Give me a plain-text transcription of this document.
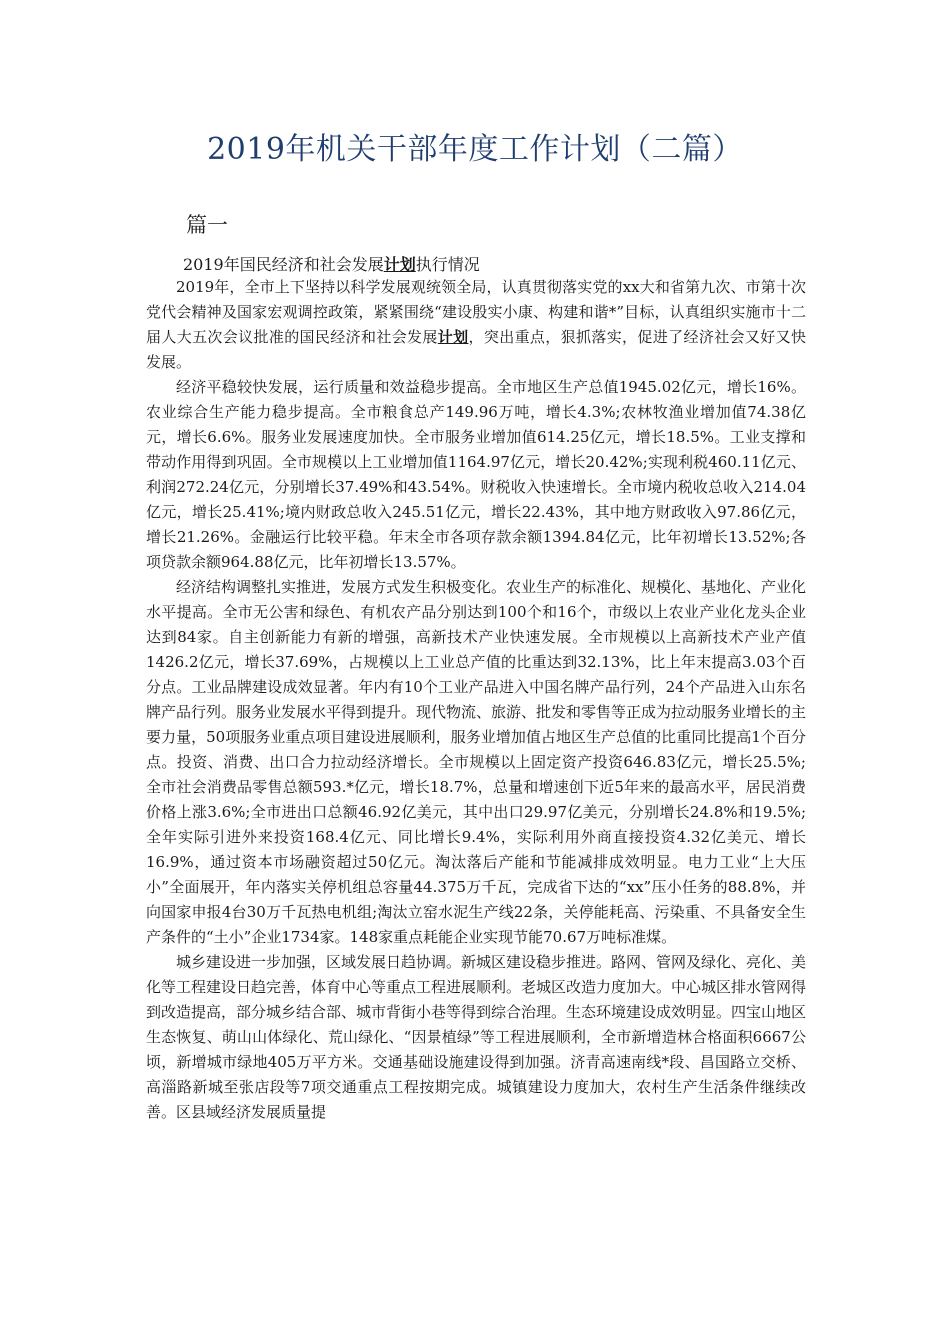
2019年机关干部年度工作计划（二篇）
篇一
2019年国民经济和社会发展计划执行情况

2019年，全市上下坚持以科学发展观统领全局，认真贯彻落实党的xx大和省第九次、市第十次党代会精神及国家宏观调控政策，紧紧围绕“建设殷实小康、构建和谐*”目标，认真组织实施市十二届人大五次会议批准的国民经济和社会发展计划，突出重点，狠抓落实，促进了经济社会又好又快发展。

经济平稳较快发展，运行质量和效益稳步提高。全市地区生产总值1945.02亿元，增长16%。农业综合生产能力稳步提高。全市粮食总产149.96万吨，增长4.3%;农林牧渔业增加值74.38亿元，增长6.6%。服务业发展速度加快。全市服务业增加值614.25亿元，增长18.5%。工业支撑和带动作用得到巩固。全市规模以上工业增加值1164.97亿元，增长20.42%;实现利税460.11亿元、利润272.24亿元，分别增长37.49%和43.54%。财税收入快速增长。全市境内税收总收入214.04亿元，增长25.41%;境内财政总收入245.51亿元，增长22.43%，其中地方财政收入97.86亿元，增长21.26%。金融运行比较平稳。年末全市各项存款余额1394.84亿元，比年初增长13.52%;各项贷款余额964.88亿元，比年初增长13.57%。

经济结构调整扎实推进，发展方式发生积极变化。农业生产的标准化、规模化、基地化、产业化水平提高。全市无公害和绿色、有机农产品分别达到100个和16个，市级以上农业产业化龙头企业达到84家。自主创新能力有新的增强，高新技术产业快速发展。全市规模以上高新技术产业产值1426.2亿元，增长37.69%，占规模以上工业总产值的比重达到32.13%，比上年末提高3.03个百分点。工业品牌建设成效显著。年内有10个工业产品进入中国名牌产品行列，24个产品进入山东名牌产品行列。服务业发展水平得到提升。现代物流、旅游、批发和零售等正成为拉动服务业增长的主要力量，50项服务业重点项目建设进展顺利，服务业增加值占地区生产总值的比重同比提高1个百分点。投资、消费、出口合力拉动经济增长。全市规模以上固定资产投资646.83亿元，增长25.5%;全市社会消费品零售总额593.*亿元，增长18.7%，总量和增速创下近5年来的最高水平，居民消费价格上涨3.6%;全市进出口总额46.92亿美元，其中出口29.97亿美元，分别增长24.8%和19.5%;全年实际引进外来投资168.4亿元、同比增长9.4%，实际利用外商直接投资4.32亿美元、增长16.9%，通过资本市场融资超过50亿元。淘汰落后产能和节能减排成效明显。电力工业“上大压小”全面展开，年内落实关停机组总容量44.375万千瓦，完成省下达的“xx”压小任务的88.8%，并向国家申报4台30万千瓦热电机组;淘汰立窑水泥生产线22条，关停能耗高、污染重、不具备安全生产条件的“土小”企业1734家。148家重点耗能企业实现节能70.67万吨标准煤。

城乡建设进一步加强，区域发展日趋协调。新城区建设稳步推进。路网、管网及绿化、亮化、美化等工程建设日趋完善，体育中心等重点工程进展顺利。老城区改造力度加大。中心城区排水管网得到改造提高，部分城乡结合部、城市背街小巷等得到综合治理。生态环境建设成效明显。四宝山地区生态恢复、萌山山体绿化、荒山绿化、“因景植绿”等工程进展顺利，全市新增造林合格面积6667公顷，新增城市绿地405万平方米。交通基础设施建设得到加强。济青高速南线*段、昌国路立交桥、高淄路新城至张店段等7项交通重点工程按期完成。城镇建设力度加大，农村生产生活条件继续改善。区县域经济发展质量提
